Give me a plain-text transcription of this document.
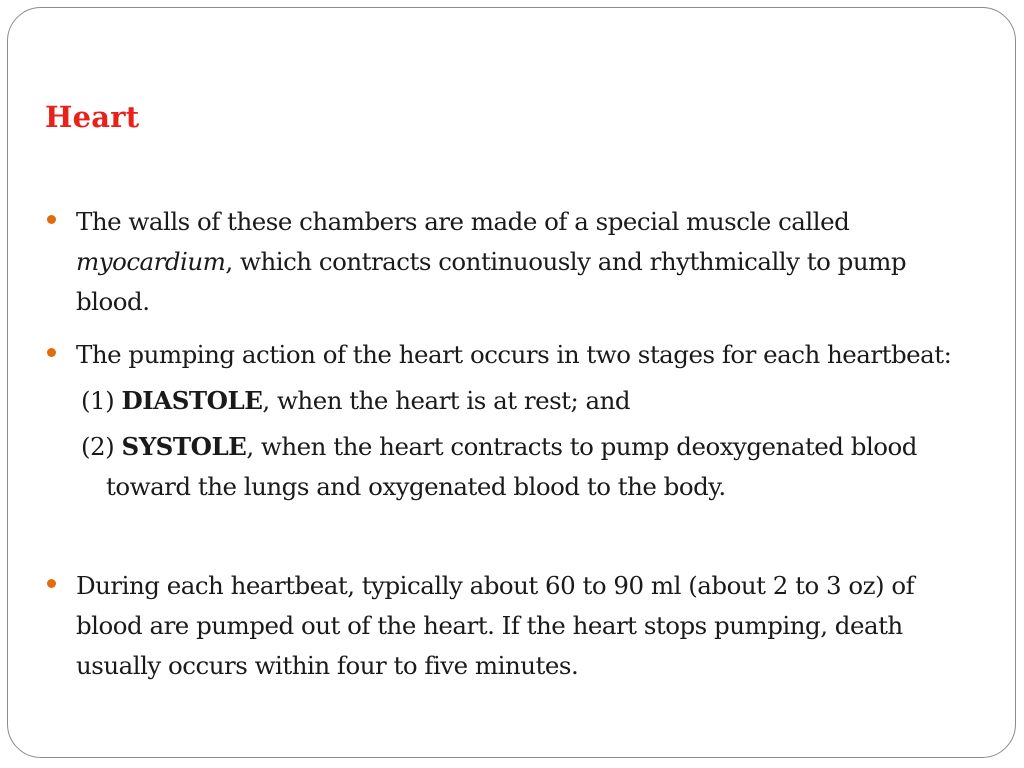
Heart
The walls of these chambers are made of a special muscle called myocardium, which contracts continuously and rhythmically to pump blood.
The pumping action of the heart occurs in two stages for each heartbeat:
(1) DIASTOLE, when the heart is at rest; and
(2) SYSTOLE, when the heart contracts to pump deoxygenated blood toward the lungs and oxygenated blood to the body.
During each heartbeat, typically about 60 to 90 ml (about 2 to 3 oz) of blood are pumped out of the heart. If the heart stops pumping, death usually occurs within four to five minutes.
